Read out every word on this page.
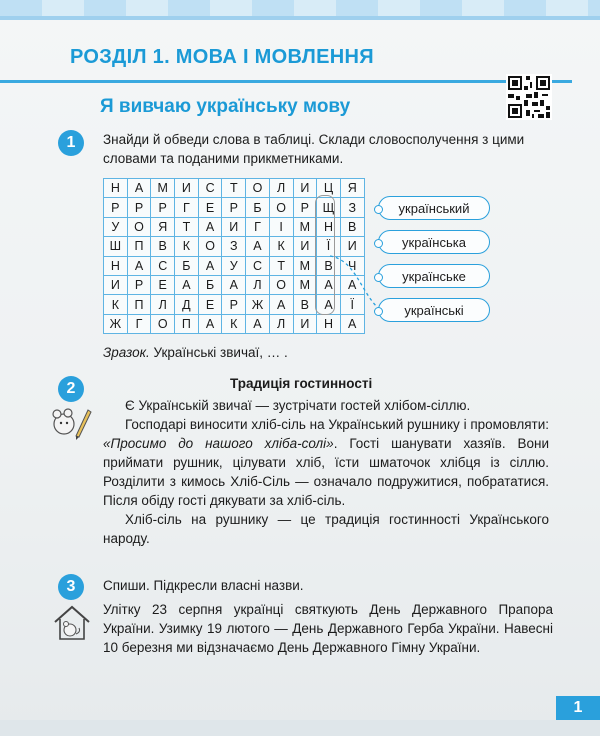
РОЗДІЛ 1. МОВА І МОВЛЕННЯ
Я вивчаю українську мову
1	Знайди й обведи слова в таблиці. Склади словосполучення з цими словами та поданими прикметниками.
Н	А	М	И	С	Т	О	Л	И	Ц	Я
Р	Р	Р	Г	Е	Р	Б	О	Р	Щ	З
У	О	Я	Т	А	И	Г	І	М	Н	В
Ш	П	В	К	О	З	А	К	И	Ї	И
Н	А	С	Б	А	У	С	Т	М	В	Ч
И	Р	Е	А	Б	А	Л	О	М	А	А
К	П	Л	Д	Е	Р	Ж	А	В	А	Ї
Ж	Г	О	П	А	К	А	Л	И	Н	А
український
українська
українське
українські
Зразок. Українські звичаї, … .
2	Традиція гостинності

Є Українській звичаї — зустрічати гостей хлібом-сіллю.

Господарі виносити хліб-сіль на Український рушнику і промовляти: «Просимо до нашого хліба-солі». Гості шанувати хазяїв. Вони приймати рушник, цілувати хліб, їсти шматочок хлібця із сіллю. Розділити з кимось Хліб-Сіль — означало подружитися, побрататися. Після обіду гості дякувати за хліб-сіль.

Хліб-сіль на рушнику — це традиція гостинності Українського народу.

3	Спиши. Підкресли власні назви.
Улітку 23 серпня українці святкують День Державного Прапора України. Узимку 19 лютого — День Державного Герба України. Навесні 10 березня ми відзначаємо День Державного Гімну України.
1
